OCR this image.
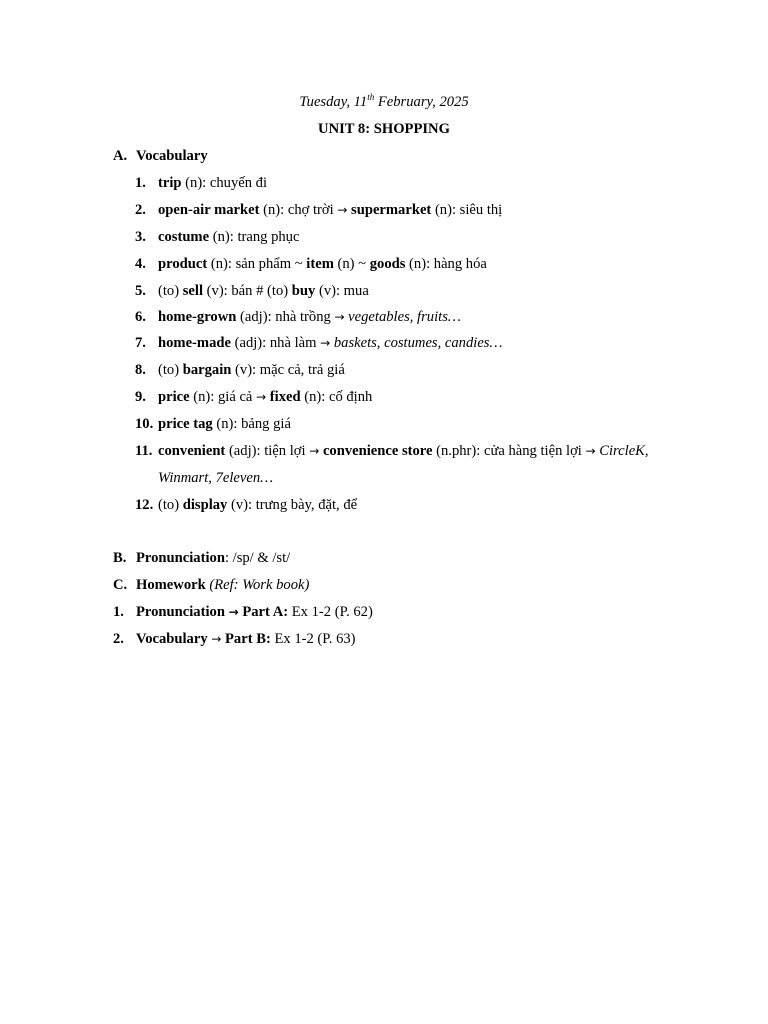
Tuesday, 11th February, 2025
UNIT 8: SHOPPING
A. Vocabulary
1. trip (n): chuyến đi
2. open-air market (n): chợ trời → supermarket (n): siêu thị
3. costume (n): trang phục
4. product (n): sản phẩm ~ item (n) ~ goods (n): hàng hóa
5. (to) sell (v): bán # (to) buy (v): mua
6. home-grown (adj): nhà trồng → vegetables, fruits…
7. home-made (adj): nhà làm → baskets, costumes, candies…
8. (to) bargain (v): mặc cả, trả giá
9. price (n): giá cả → fixed (n): cố định
10. price tag (n): bảng giá
11. convenient (adj): tiện lợi → convenience store (n.phr): cửa hàng tiện lợi → CircleK,
Winmart, 7eleven…
12. (to) display (v): trưng bày, đặt, để
B. Pronunciation: /sp/ & /st/
C. Homework (Ref: Work book)
1. Pronunciation → Part A: Ex 1-2 (P. 62)
2. Vocabulary → Part B: Ex 1-2 (P. 63)
